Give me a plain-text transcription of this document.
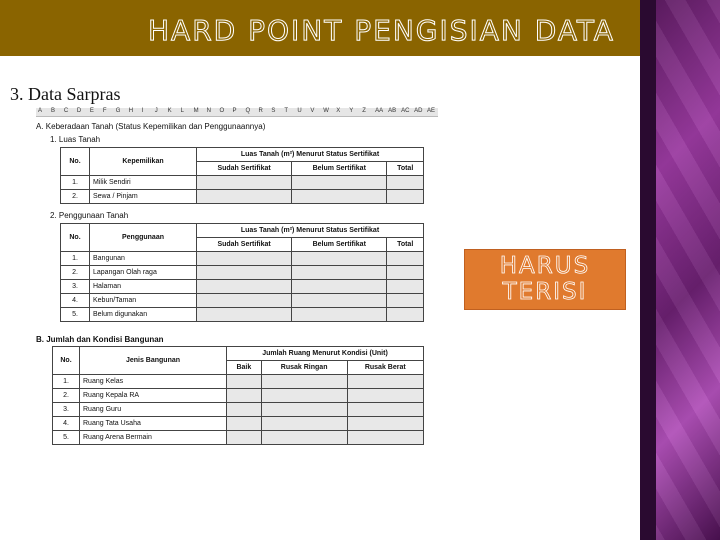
HARD POINT PENGISIAN DATA
3. Data Sarpras
A B C D E F G H I J K L M N O P Q R S T U V W X Y Z AA AB AC AD AE
A. Keberadaan Tanah (Status Kepemilikan dan Penggunaannya)
1. Luas Tanah
No.	Kepemilikan	Luas Tanah (m²) Menurut Status Sertifikat		
		Sudah Sertifikat	Belum Sertifikat	Total
1.	Milik Sendiri			
2.	Sewa / Pinjam			
2. Penggunaan Tanah
No.	Penggunaan	Luas Tanah (m²) Menurut Status Sertifikat		
		Sudah Sertifikat	Belum Sertifikat	Total
1.	Bangunan			
2.	Lapangan Olah raga			
3.	Halaman			
4.	Kebun/Taman			
5.	Belum digunakan			
B. Jumlah dan Kondisi Bangunan
No.	Jenis Bangunan	Jumlah Ruang Menurut Kondisi (Unit)		
		Baik	Rusak Ringan	Rusak Berat
1.	Ruang Kelas			
2.	Ruang Kepala RA			
3.	Ruang Guru			
4.	Ruang Tata Usaha			
5.	Ruang Arena Bermain			
HARUS
TERISI
